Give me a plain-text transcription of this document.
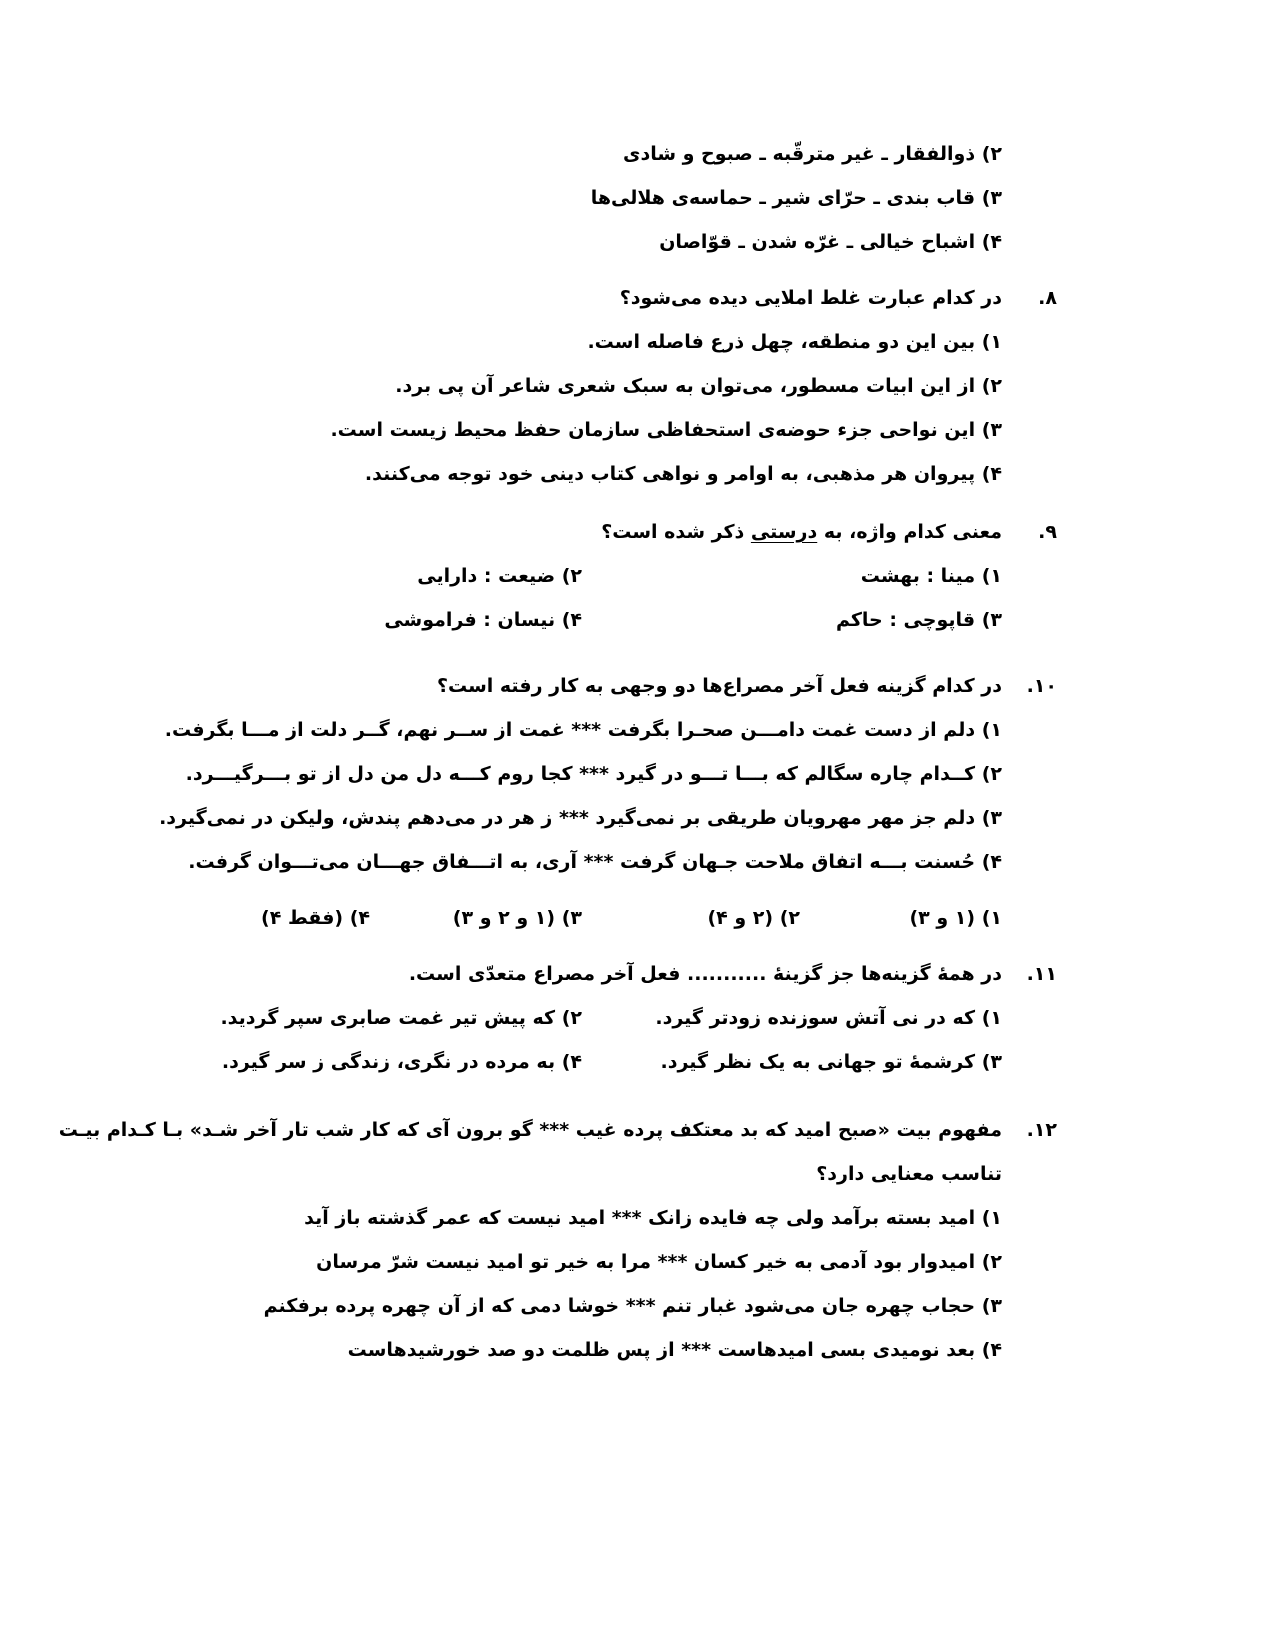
۲) ذوالفقار ـ غیر مترقّبه ـ صبوح و شادی
۳) قاب بندی ـ حرّای شیر ـ حماسه‌ی هلالی‌ها
۴) اشباح خیالی ـ غرّه شدن ـ قوّاصان
۸.
در کدام عبارت غلط املایی دیده می‌شود؟
۱) بین این دو منطقه، چهل ذرع فاصله است.
۲) از این ابیات مسطور، می‌توان به سبک شعری شاعر آن پی برد.
۳) این نواحی جزء حوضه‌ی استحفاظی سازمان حفظ محیط زیست است.
۴) پیروان هر مذهبی، به اوامر و نواهی کتاب دینی خود توجه می‌کنند.
۹.
معنی کدام واژه، به درستی ذکر شده است؟
۱) مینا : بهشت
۲) ضیعت : دارایی
۳) قاپوچی : حاکم
۴) نیسان : فراموشی
۱۰.
در کدام گزینه فعل آخر مصراع‌ها دو وجهی به کار رفته است؟
۱) دلم از دست غمت دامـــن صحـرا بگرفت *** غمت از ســر نهم، گــر دلت از مـــا بگرفت.
۲) کــدام چاره سگالم که بـــا تـــو در گیرد *** کجا روم کـــه دل من دل از تو بـــرگیـــرد.
۳) دلم جز مهر مهرویان طریقی بر نمی‌گیرد *** ز هر در می‌دهم پندش، ولیکن در نمی‌گیرد.
۴) حُسنت بـــه اتفاق ملاحت جـهان گرفت *** آری، به اتـــفاق جهـــان می‌تـــوان گرفت.
۱) (۱ و ۳)
۲) (۲ و ۴)
۳) (۱ و ۲ و ۳)
۴) (فقط ۴)
۱۱.
در همهٔ گزینه‌ها جز گزینهٔ ........... فعل آخر مصراع متعدّی است.
۱) که در نی آتش سوزنده زودتر گیرد.
۲) که پیش تیر غمت صابری سپر گردید.
۳) کرشمهٔ تو جهانی به یک نظر گیرد.
۴) به مرده در نگری، زندگی ز سر گیرد.
۱۲.
مفهوم بیت «صبح امید که بد معتکف پرده غیب *** گو برون آی که کار شب تار آخر شـد» بـا کـدام بیـت
تناسب معنایی دارد؟
۱) امید بسته برآمد ولی چه فایده زانک *** امید نیست که عمر گذشته باز آید
۲) امیدوار بود آدمی به خیر کسان *** مرا به خیر تو امید نیست شرّ مرسان
۳) حجاب چهره جان می‌شود غبار تنم *** خوشا دمی که از آن چهره پرده برفکنم
۴) بعد نومیدی بسی امیدهاست *** از پس ظلمت دو صد خورشیدهاست
